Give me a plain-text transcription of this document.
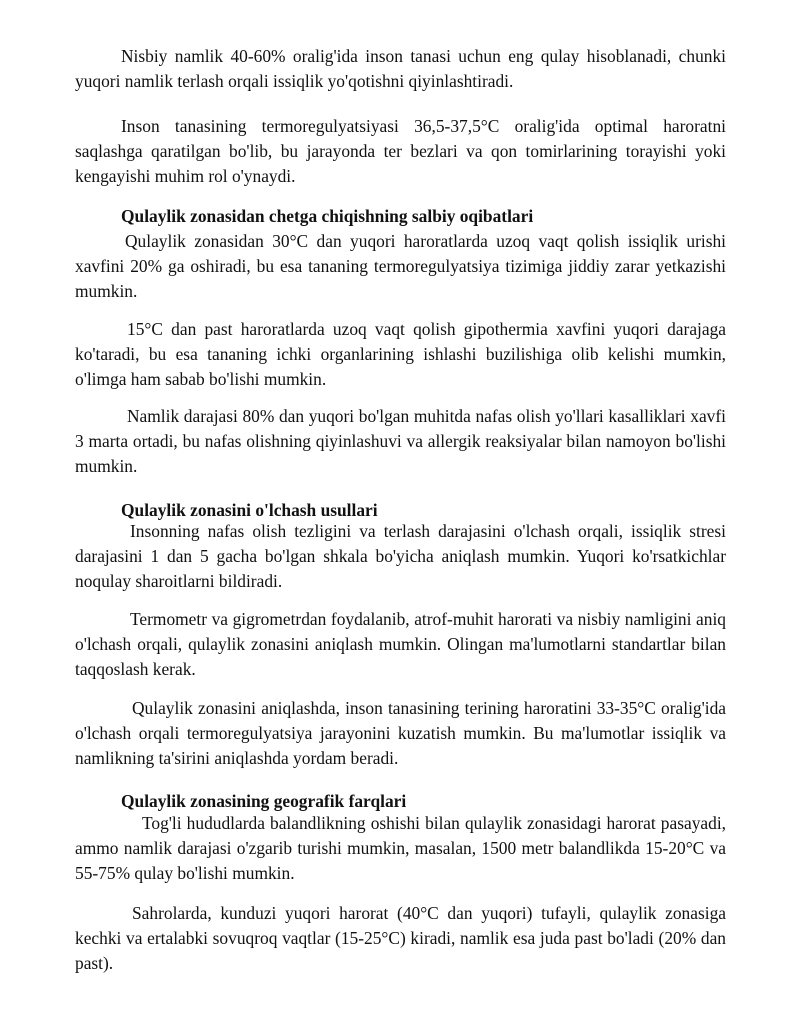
Nisbiy namlik 40-60% oralig'ida inson tanasi uchun eng qulay hisoblanadi, chunki yuqori namlik terlash orqali issiqlik yo'qotishni qiyinlashtiradi.

Inson tanasining termoregulyatsiyasi 36,5-37,5°C oralig'ida optimal haroratni saqlashga qaratilgan bo'lib, bu jarayonda ter bezlari va qon tomirlarining torayishi yoki kengayishi muhim rol o'ynaydi.

Qulaylik zonasidan chetga chiqishning salbiy oqibatlari

Qulaylik zonasidan 30°C dan yuqori haroratlarda uzoq vaqt qolish issiqlik urishi xavfini 20% ga oshiradi, bu esa tananing termoregulyatsiya tizimiga jiddiy zarar yetkazishi mumkin.

15°C dan past haroratlarda uzoq vaqt qolish gipothermia xavfini yuqori darajaga ko'taradi, bu esa tananing ichki organlarining ishlashi buzilishiga olib kelishi mumkin, o'limga ham sabab bo'lishi mumkin.

Namlik darajasi 80% dan yuqori bo'lgan muhitda nafas olish yo'llari kasalliklari xavfi 3 marta ortadi, bu nafas olishning qiyinlashuvi va allergik reaksiyalar bilan namoyon bo'lishi mumkin.

Qulaylik zonasini o'lchash usullari

Insonning nafas olish tezligini va terlash darajasini o'lchash orqali, issiqlik stresi darajasini 1 dan 5 gacha bo'lgan shkala bo'yicha aniqlash mumkin. Yuqori ko'rsatkichlar noqulay sharoitlarni bildiradi.

Termometr va gigrometrdan foydalanib, atrof-muhit harorati va nisbiy namligini aniq o'lchash orqali, qulaylik zonasini aniqlash mumkin. Olingan ma'lumotlarni standartlar bilan taqqoslash kerak.

Qulaylik zonasini aniqlashda, inson tanasining terining haroratini 33-35°C oralig'ida o'lchash orqali termoregulyatsiya jarayonini kuzatish mumkin. Bu ma'lumotlar issiqlik va namlikning ta'sirini aniqlashda yordam beradi.

Qulaylik zonasining geografik farqlari

Tog'li hududlarda balandlikning oshishi bilan qulaylik zonasidagi harorat pasayadi, ammo namlik darajasi o'zgarib turishi mumkin, masalan, 1500 metr balandlikda 15-20°C va 55-75% qulay bo'lishi mumkin.

Sahrolarda, kunduzi yuqori harorat (40°C dan yuqori) tufayli, qulaylik zonasiga kechki va ertalabki sovuqroq vaqtlar (15-25°C) kiradi, namlik esa juda past bo'ladi (20% dan past).
